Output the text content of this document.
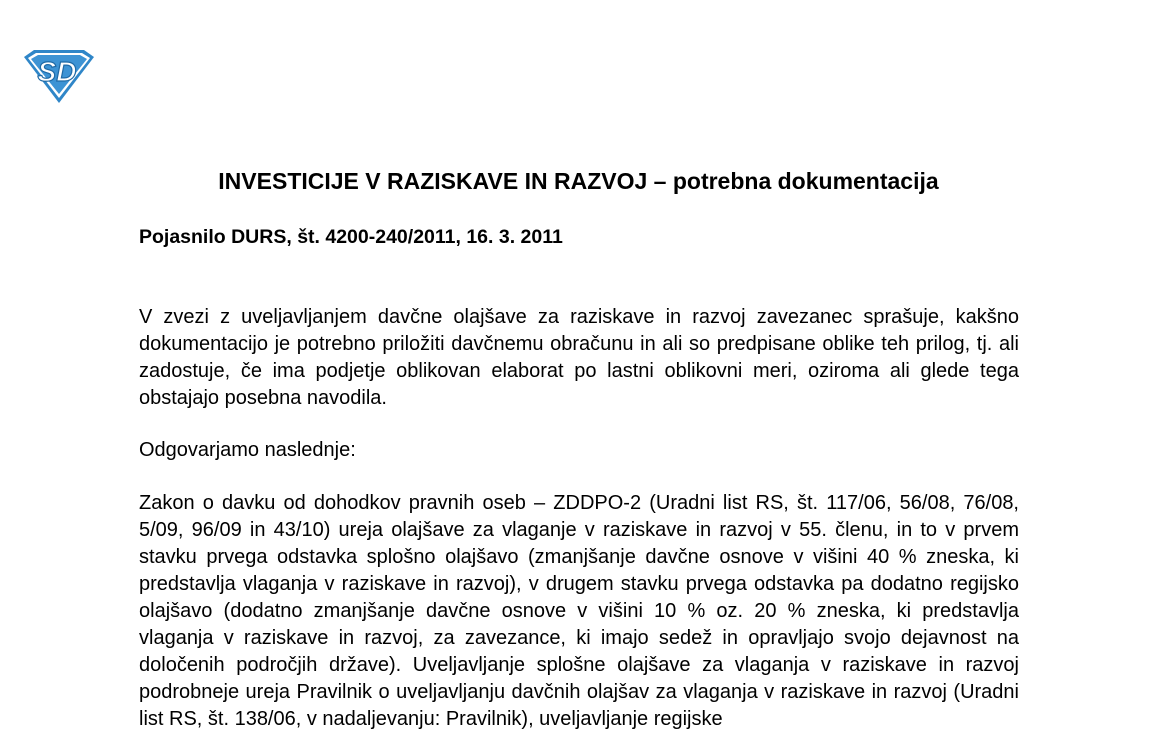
SD
INVESTICIJE V RAZISKAVE IN RAZVOJ – potrebna dokumentacija

Pojasnilo DURS, št. 4200-240/2011, 16. 3. 2011

V zvezi z uveljavljanjem davčne olajšave za raziskave in razvoj zavezanec sprašuje, kakšno dokumentacijo je potrebno priložiti davčnemu obračunu in ali so predpisane oblike teh prilog, tj. ali zadostuje, če ima podjetje oblikovan elaborat po lastni oblikovni meri, oziroma ali glede tega obstajajo posebna navodila.

Odgovarjamo naslednje:

Zakon o davku od dohodkov pravnih oseb – ZDDPO-2 (Uradni list RS, št. 117/06, 56/08, 76/08, 5/09, 96/09 in 43/10) ureja olajšave za vlaganje v raziskave in razvoj v 55. členu, in to v prvem stavku prvega odstavka splošno olajšavo (zmanjšanje davčne osnove v višini 40 % zneska, ki predstavlja vlaganja v raziskave in razvoj), v drugem stavku prvega odstavka pa dodatno regijsko olajšavo (dodatno zmanjšanje davčne osnove v višini 10 % oz. 20 % zneska, ki predstavlja vlaganja v raziskave in razvoj, za zavezance, ki imajo sedež in opravljajo svojo dejavnost na določenih področjih države). Uveljavljanje splošne olajšave za vlaganja v raziskave in razvoj podrobneje ureja Pravilnik o uveljavljanju davčnih olajšav za vlaganja v raziskave in razvoj (Uradni list RS, št. 138/06, v nadaljevanju: Pravilnik), uveljavljanje regijske
